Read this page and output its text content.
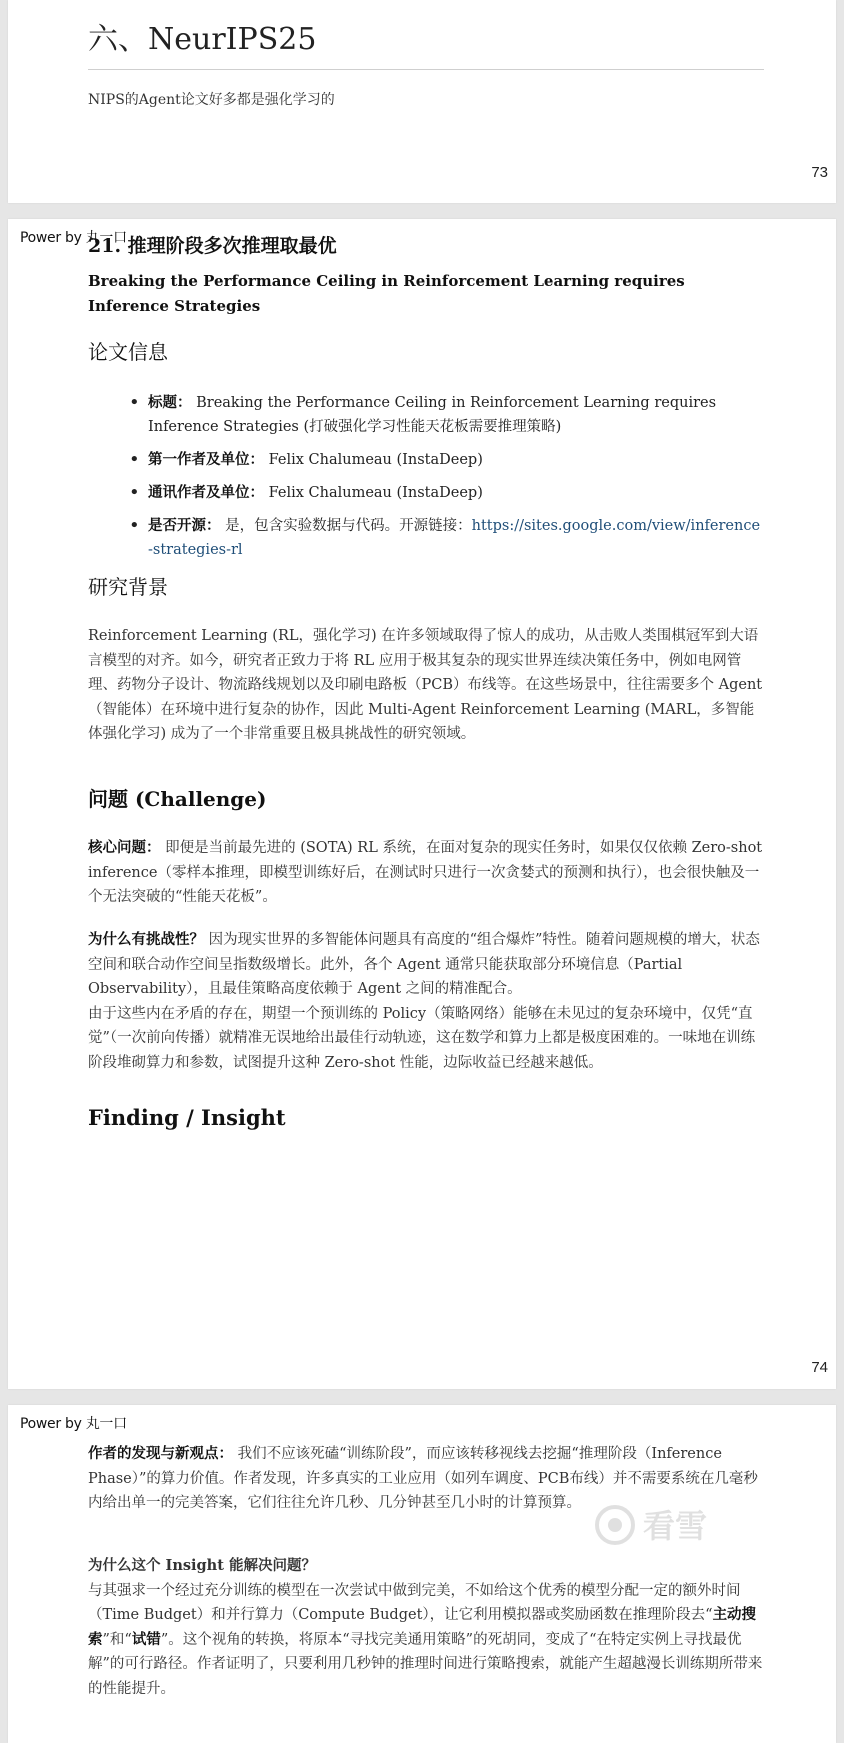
六、NeurIPS25
NIPS的Agent论文好多都是强化学习的
73
Power by 丸一口
21. 推理阶段多次推理取最优
Breaking the Performance Ceiling in Reinforcement Learning requires Inference Strategies
论文信息
• 标题： Breaking the Performance Ceiling in Reinforcement Learning requires Inference Strategies (打破强化学习性能天花板需要推理策略)
• 第一作者及单位： Felix Chalumeau (InstaDeep)
• 通讯作者及单位： Felix Chalumeau (InstaDeep)
• 是否开源： 是，包含实验数据与代码。开源链接：https://sites.google.com/view/inference-strategies-rl
研究背景

Reinforcement Learning (RL，强化学习) 在许多领域取得了惊人的成功，从击败人类围棋冠军到大语言模型的对齐。如今，研究者正致力于将 RL 应用于极其复杂的现实世界连续决策任务中，例如电网管理、药物分子设计、物流路线规划以及印刷电路板（PCB）布线等。在这些场景中，往往需要多个 Agent（智能体）在环境中进行复杂的协作，因此 Multi-Agent Reinforcement Learning (MARL，多智能体强化学习) 成为了一个非常重要且极具挑战性的研究领域。

问题 (Challenge)

核心问题： 即便是当前最先进的 (SOTA) RL 系统，在面对复杂的现实任务时，如果仅仅依赖 Zero-shot inference（零样本推理，即模型训练好后，在测试时只进行一次贪婪式的预测和执行），也会很快触及一个无法突破的“性能天花板”。

为什么有挑战性？ 因为现实世界的多智能体问题具有高度的“组合爆炸”特性。随着问题规模的增大，状态空间和联合动作空间呈指数级增长。此外，各个 Agent 通常只能获取部分环境信息（Partial Observability），且最佳策略高度依赖于 Agent 之间的精准配合。

由于这些内在矛盾的存在，期望一个预训练的 Policy（策略网络）能够在未见过的复杂环境中，仅凭“直觉”（一次前向传播）就精准无误地给出最佳行动轨迹，这在数学和算力上都是极度困难的。一味地在训练阶段堆砌算力和参数，试图提升这种 Zero-shot 性能，边际收益已经越来越低。

Finding / Insight
74
Power by 丸一口

作者的发现与新观点： 我们不应该死磕“训练阶段”，而应该转移视线去挖掘“推理阶段（Inference Phase）”的算力价值。作者发现，许多真实的工业应用（如列车调度、PCB布线）并不需要系统在几毫秒内给出单一的完美答案，它们往往允许几秒、几分钟甚至几小时的计算预算。

为什么这个 Insight 能解决问题？

与其强求一个经过充分训练的模型在一次尝试中做到完美，不如给这个优秀的模型分配一定的额外时间（Time Budget）和并行算力（Compute Budget），让它利用模拟器或奖励函数在推理阶段去“主动搜索”和“试错”。这个视角的转换，将原本“寻找完美通用策略”的死胡同，变成了“在特定实例上寻找最优解”的可行路径。作者证明了，只要利用几秒钟的推理时间进行策略搜索，就能产生超越漫长训练期所带来的性能提升。

看雪
